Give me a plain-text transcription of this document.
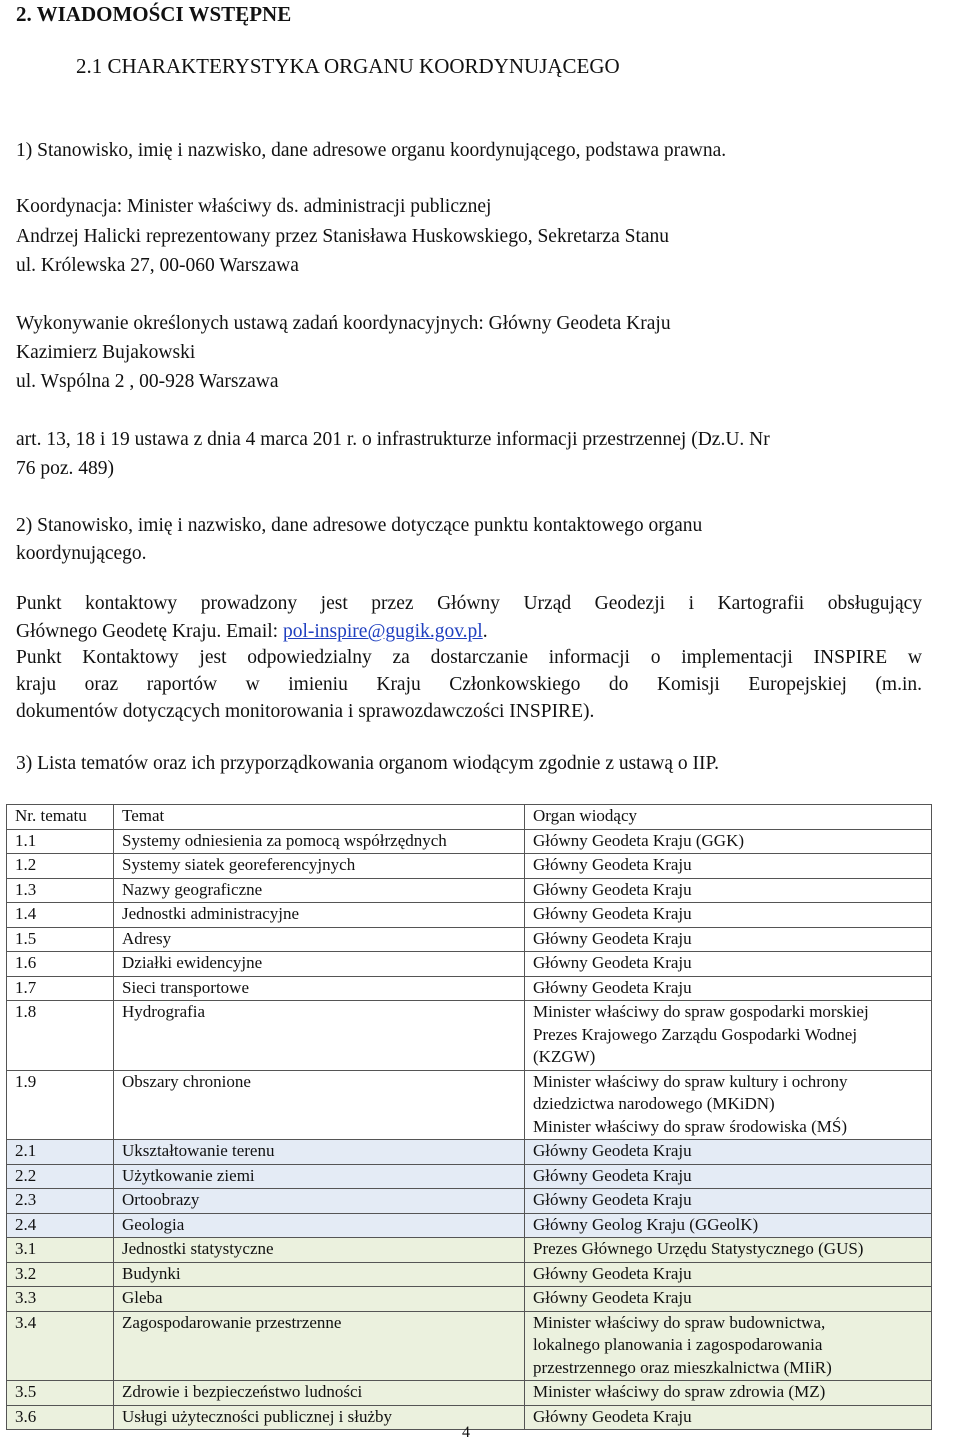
2. WIADOMOŚCI WSTĘPNE
2.1 CHARAKTERYSTYKA ORGANU KOORDYNUJĄCEGO
1) Stanowisko, imię i nazwisko, dane adresowe organu koordynującego, podstawa prawna.
Koordynacja: Minister właściwy ds. administracji publicznej
Andrzej Halicki reprezentowany przez Stanisława Huskowskiego, Sekretarza Stanu
ul. Królewska 27, 00-060 Warszawa
Wykonywanie określonych ustawą zadań koordynacyjnych: Główny Geodeta Kraju
Kazimierz Bujakowski
ul. Wspólna 2 , 00-928 Warszawa
art. 13, 18 i 19 ustawa z dnia 4 marca 201 r. o infrastrukturze informacji przestrzennej (Dz.U. Nr
76 poz. 489)
2) Stanowisko, imię i nazwisko, dane adresowe dotyczące punktu kontaktowego organu
koordynującego.
Punkt kontaktowy prowadzony jest przez Główny Urząd Geodezji i Kartografii obsługujący
Głównego Geodetę Kraju. Email: pol-inspire@gugik.gov.pl.
Punkt Kontaktowy jest odpowiedzialny za dostarczanie informacji o implementacji INSPIRE w
kraju oraz raportów w imieniu Kraju Członkowskiego do Komisji Europejskiej (m.in.
dokumentów dotyczących monitorowania i sprawozdawczości INSPIRE).
3) Lista tematów oraz ich przyporządkowania organom wiodącym zgodnie z ustawą o IIP.
Nr. tematu	Temat	Organ wiodący
1.1	Systemy odniesienia za pomocą współrzędnych	Główny Geodeta Kraju (GGK)

1.2	Systemy siatek georeferencyjnych	Główny Geodeta Kraju

1.3	Nazwy geograficzne	Główny Geodeta Kraju

1.4	Jednostki administracyjne	Główny Geodeta Kraju

1.5	Adresy	Główny Geodeta Kraju

1.6	Działki ewidencyjne	Główny Geodeta Kraju

1.7	Sieci transportowe	Główny Geodeta Kraju

1.8	Hydrografia	Minister właściwy do spraw gospodarki morskiej
Prezes Krajowego Zarządu Gospodarki Wodnej
(KZGW)

1.9	Obszary chronione	Minister właściwy do spraw kultury i ochrony
dziedzictwa narodowego (MKiDN)
Minister właściwy do spraw środowiska (MŚ)

2.1	Ukształtowanie terenu	Główny Geodeta Kraju

2.2	Użytkowanie ziemi	Główny Geodeta Kraju

2.3	Ortoobrazy	Główny Geodeta Kraju

2.4	Geologia	Główny Geolog Kraju (GGeolK)

3.1	Jednostki statystyczne	Prezes Głównego Urzędu Statystycznego (GUS)

3.2	Budynki	Główny Geodeta Kraju

3.3	Gleba	Główny Geodeta Kraju

3.4	Zagospodarowanie przestrzenne	Minister właściwy do spraw budownictwa,
lokalnego planowania i zagospodarowania
przestrzennego oraz mieszkalnictwa (MIiR)

3.5	Zdrowie i bezpieczeństwo ludności	Minister właściwy do spraw zdrowia (MZ)

3.6	Usługi użyteczności publicznej i służby	Główny Geodeta Kraju
4
